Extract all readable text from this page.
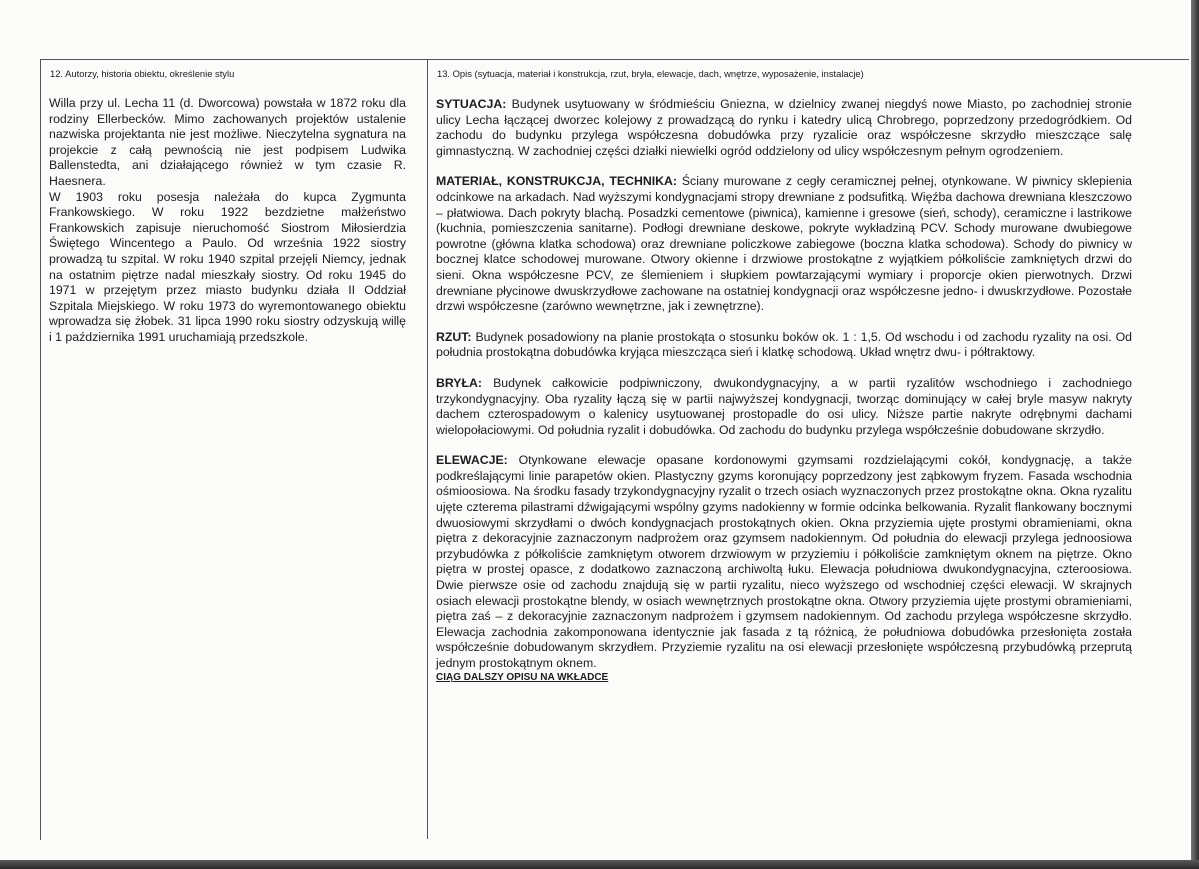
12. Autorzy, historia obiektu, określenie stylu	13. Opis (sytuacja, materiał i konstrukcja, rzut, bryła, elewacje, dach, wnętrze, wyposażenie, instalacje)

Willa przy ul. Lecha 11 (d. Dworcowa) powstała w 1872 roku dla rodziny Ellerbecków. Mimo zachowanych projektów ustalenie nazwiska projektanta nie jest możliwe. Nieczytelna sygnatura na projekcie z całą pewnością nie jest podpisem Ludwika Ballenstedta, ani działającego również w tym czasie R. Haesnera.

W 1903 roku posesja należała do kupca Zygmunta Frankowskiego. W roku 1922 bezdzietne małżeństwo Frankowskich zapisuje nieruchomość Siostrom Miłosierdzia Świętego Wincentego a Paulo. Od września 1922 siostry prowadzą tu szpital. W roku 1940 szpital przejęli Niemcy, jednak na ostatnim piętrze nadal mieszkały siostry. Od roku 1945 do 1971 w przejętym przez miasto budynku działa II Oddział Szpitala Miejskiego. W roku 1973 do wyremontowanego obiektu wprowadza się żłobek. 31 lipca 1990 roku siostry odzyskują willę i 1 października 1991 uruchamiają przedszkole.

SYTUACJA: Budynek usytuowany w śródmieściu Gniezna, w dzielnicy zwanej niegdyś nowe Miasto, po zachodniej stronie ulicy Lecha łączącej dworzec kolejowy z prowadzącą do rynku i katedry ulicą Chrobrego, poprzedzony przedogródkiem. Od zachodu do budynku przylega współczesna dobudówka przy ryzalicie oraz współczesne skrzydło mieszczące salę gimnastyczną. W zachodniej części działki niewielki ogród oddzielony od ulicy współczesnym pełnym ogrodzeniem.

MATERIAŁ, KONSTRUKCJA, TECHNIKA: Ściany murowane z cegły ceramicznej pełnej, otynkowane. W piwnicy sklepienia odcinkowe na arkadach. Nad wyższymi kondygnacjami stropy drewniane z podsufitką. Więźba dachowa drewniana kleszczowo – płatwiowa. Dach pokryty blachą. Posadzki cementowe (piwnica), kamienne i gresowe (sień, schody), ceramiczne i lastrikowe (kuchnia, pomieszczenia sanitarne). Podłogi drewniane deskowe, pokryte wykładziną PCV. Schody murowane dwubiegowe powrotne (główna klatka schodowa) oraz drewniane policzkowe zabiegowe (boczna klatka schodowa). Schody do piwnicy w bocznej klatce schodowej murowane. Otwory okienne i drzwiowe prostokątne z wyjątkiem półkoliście zamkniętych drzwi do sieni. Okna współczesne PCV, ze ślemieniem i słupkiem powtarzającymi wymiary i proporcje okien pierwotnych. Drzwi drewniane płycinowe dwuskrzydłowe zachowane na ostatniej kondygnacji oraz współczesne jedno- i dwuskrzydłowe. Pozostałe drzwi współczesne (zarówno wewnętrzne, jak i zewnętrzne).

RZUT: Budynek posadowiony na planie prostokąta o stosunku boków ok. 1 : 1,5. Od wschodu i od zachodu ryzality na osi. Od południa prostokątna dobudówka kryjąca mieszcząca sień i klatkę schodową. Układ wnętrz dwu- i półtraktowy.

BRYŁA: Budynek całkowicie podpiwniczony, dwukondygnacyjny, a w partii ryzalitów wschodniego i zachodniego trzykondygnacyjny. Oba ryzality łączą się w partii najwyższej kondygnacji, tworząc dominujący w całej bryle masyw nakryty dachem czterospadowym o kalenicy usytuowanej prostopadle do osi ulicy. Niższe partie nakryte odrębnymi dachami wielopołaciowymi. Od południa ryzalit i dobudówka. Od zachodu do budynku przylega współcześnie dobudowane skrzydło.

ELEWACJE: Otynkowane elewacje opasane kordonowymi gzymsami rozdzielającymi cokół, kondygnację, a także podkreślającymi linie parapetów okien. Plastyczny gzyms koronujący poprzedzony jest ząbkowym fryzem. Fasada wschodnia ośmioosiowa. Na środku fasady trzykondygnacyjny ryzalit o trzech osiach wyznaczonych przez prostokątne okna. Okna ryzalitu ujęte czterema pilastrami dźwigającymi wspólny gzyms nadokienny w formie odcinka belkowania. Ryzalit flankowany bocznymi dwuosiowymi skrzydłami o dwóch kondygnacjach prostokątnych okien. Okna przyziemia ujęte prostymi obramieniami, okna piętra z dekoracyjnie zaznaczonym nadprożem oraz gzymsem nadokiennym. Od południa do elewacji przylega jednoosiowa przybudówka z półkoliście zamkniętym otworem drzwiowym w przyziemiu i półkoliście zamkniętym oknem na piętrze. Okno piętra w prostej opasce, z dodatkowo zaznaczoną archiwoltą łuku. Elewacja południowa dwukondygnacyjna, czteroosiowa. Dwie pierwsze osie od zachodu znajdują się w partii ryzalitu, nieco wyższego od wschodniej części elewacji. W skrajnych osiach elewacji prostokątne blendy, w osiach wewnętrznych prostokątne okna. Otwory przyziemia ujęte prostymi obramieniami, piętra zaś – z dekoracyjnie zaznaczonym nadprożem i gzymsem nadokiennym. Od zachodu przylega współczesne skrzydło. Elewacja zachodnia zakomponowana identycznie jak fasada z tą różnicą, że południowa dobudówka przesłonięta została współcześnie dobudowanym skrzydłem. Przyziemie ryzalitu na osi elewacji przesłonięte współczesną przybudówką przeprutą jednym prostokątnym oknem.

CIĄG DALSZY OPISU NA WKŁADCE
